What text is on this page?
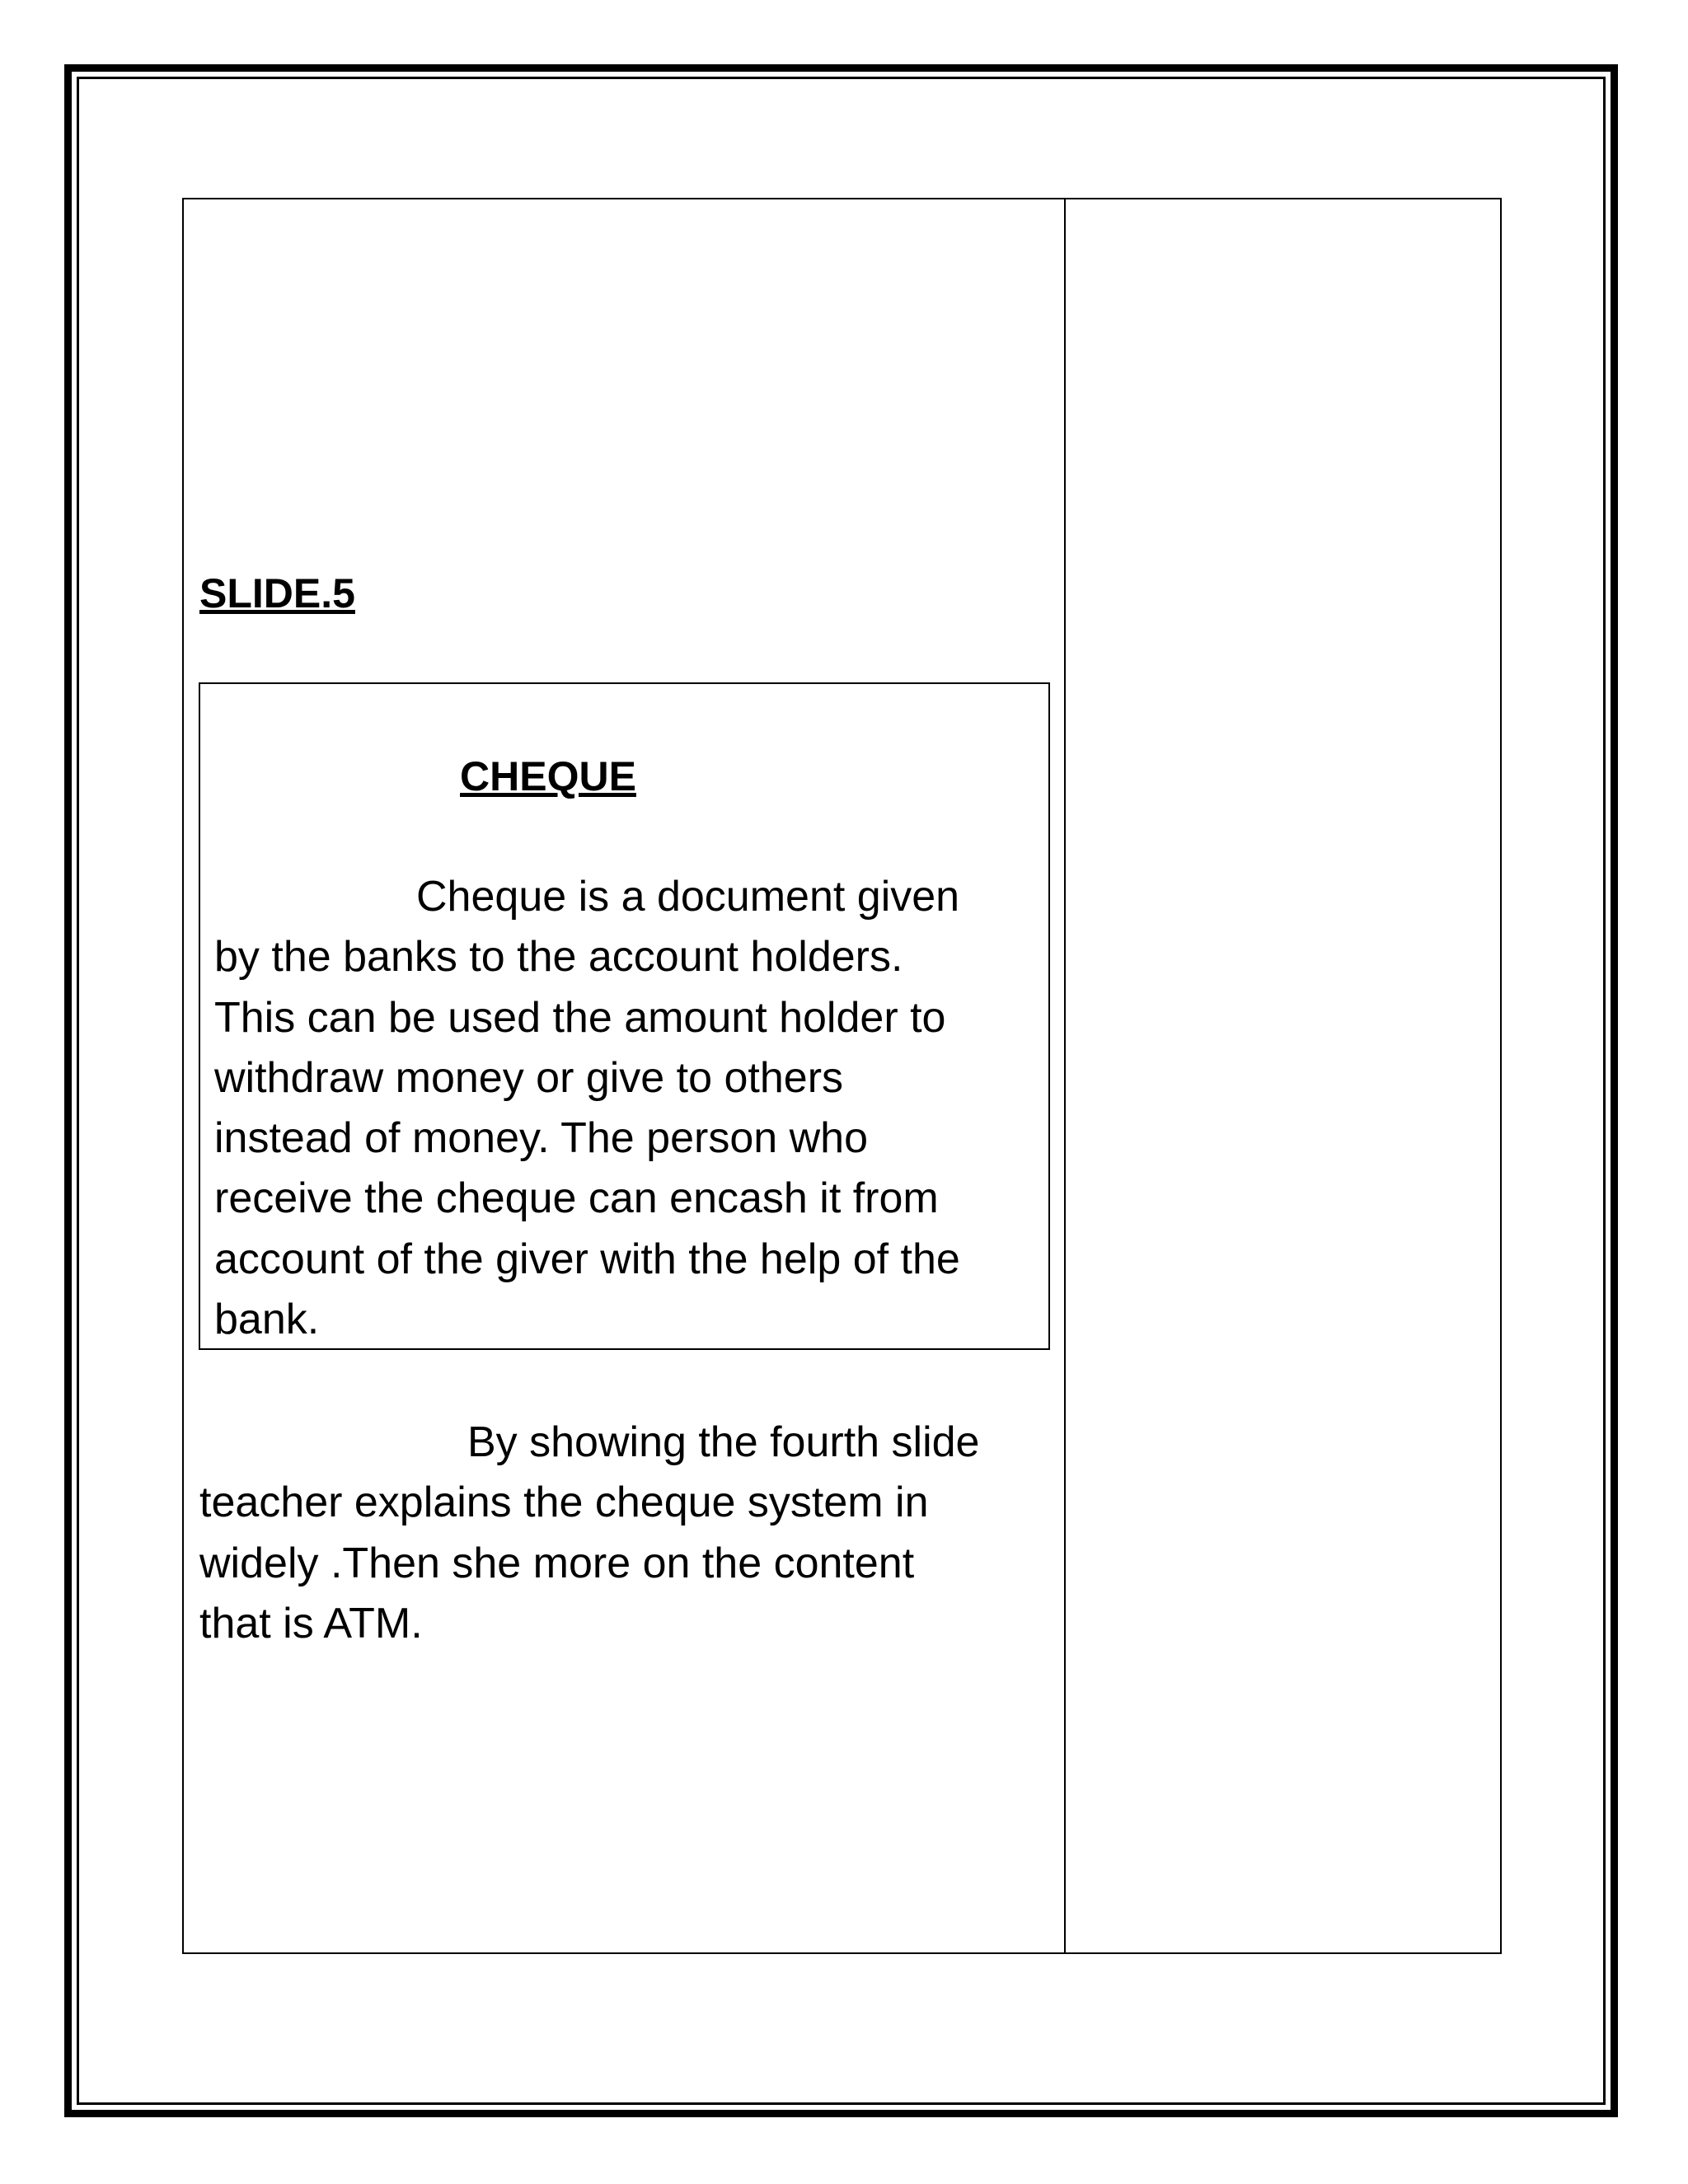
SLIDE.5
CHEQUE
Cheque is a document given
by the banks to the account holders.
This can be used the amount holder to
withdraw money or give to others
instead of money. The person who
receive the cheque can encash it from
account of the giver with the help of the
bank.
By showing the fourth slide
teacher explains the cheque system in
widely .Then she more on the content
that is ATM.
